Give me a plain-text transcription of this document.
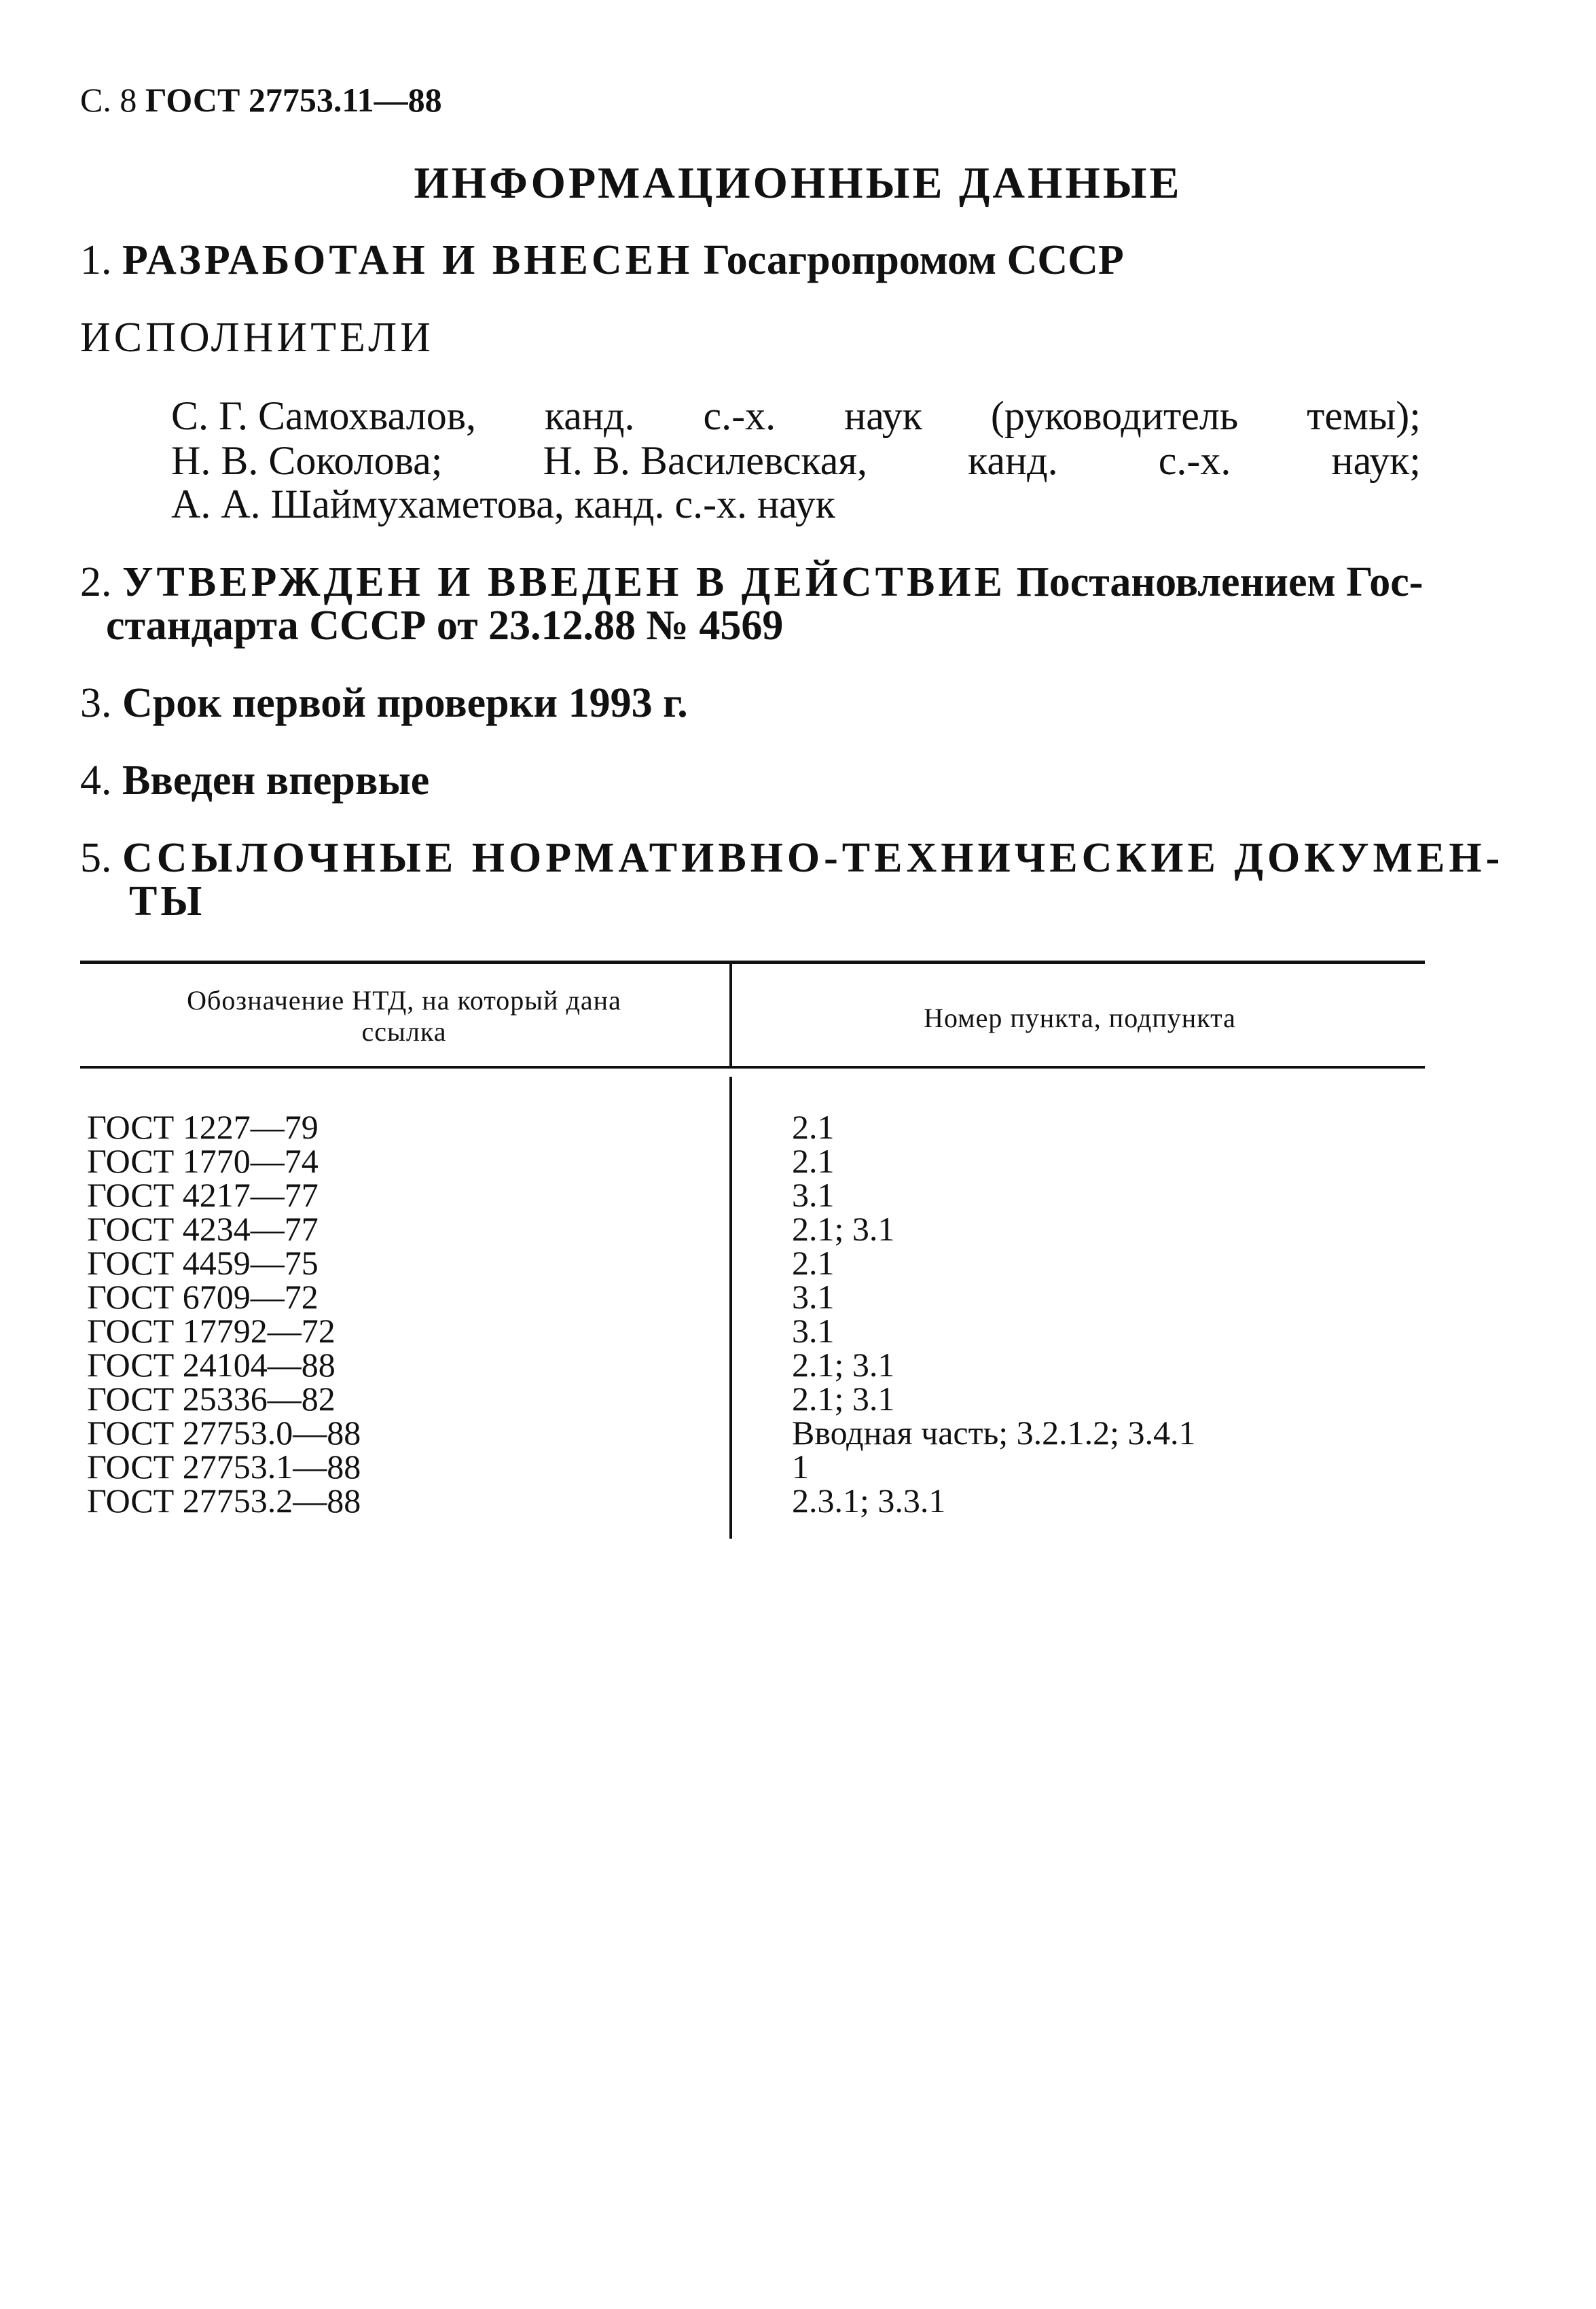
С. 8 ГОСТ 27753.11—88
ИНФОРМАЦИОННЫЕ ДАННЫЕ
1. РАЗРАБОТАН И ВНЕСЕН Госагропромом СССР
ИСПОЛНИТЕЛИ
С. Г. Самохвалов, канд. с.-х. наук (руководитель темы);
Н. В. Соколова; Н. В. Василевская, канд. с.-х. наук;
А. А. Шаймухаметова, канд. с.-х. наук
2. УТВЕРЖДЕН И ВВЕДЕН В ДЕЙСТВИЕ Постановлением Гос-
стандарта СССР от 23.12.88 № 4569
3. Срок первой проверки 1993 г.
4. Введен впервые
5. ССЫЛОЧНЫЕ НОРМАТИВНО-ТЕХНИЧЕСКИЕ ДОКУМЕН-
ТЫ
Обозначение НТД, на который дана
ссылка	Номер пункта, подпункта
ГОСТ 1227—79
ГОСТ 1770—74
ГОСТ 4217—77
ГОСТ 4234—77
ГОСТ 4459—75
ГОСТ 6709—72
ГОСТ 17792—72
ГОСТ 24104—88
ГОСТ 25336—82
ГОСТ 27753.0—88
ГОСТ 27753.1—88
ГОСТ 27753.2—88
2.1
2.1
3.1
2.1; 3.1
2.1
3.1
3.1
2.1; 3.1
2.1; 3.1
Вводная часть; 3.2.1.2; 3.4.1
1
2.3.1; 3.3.1
